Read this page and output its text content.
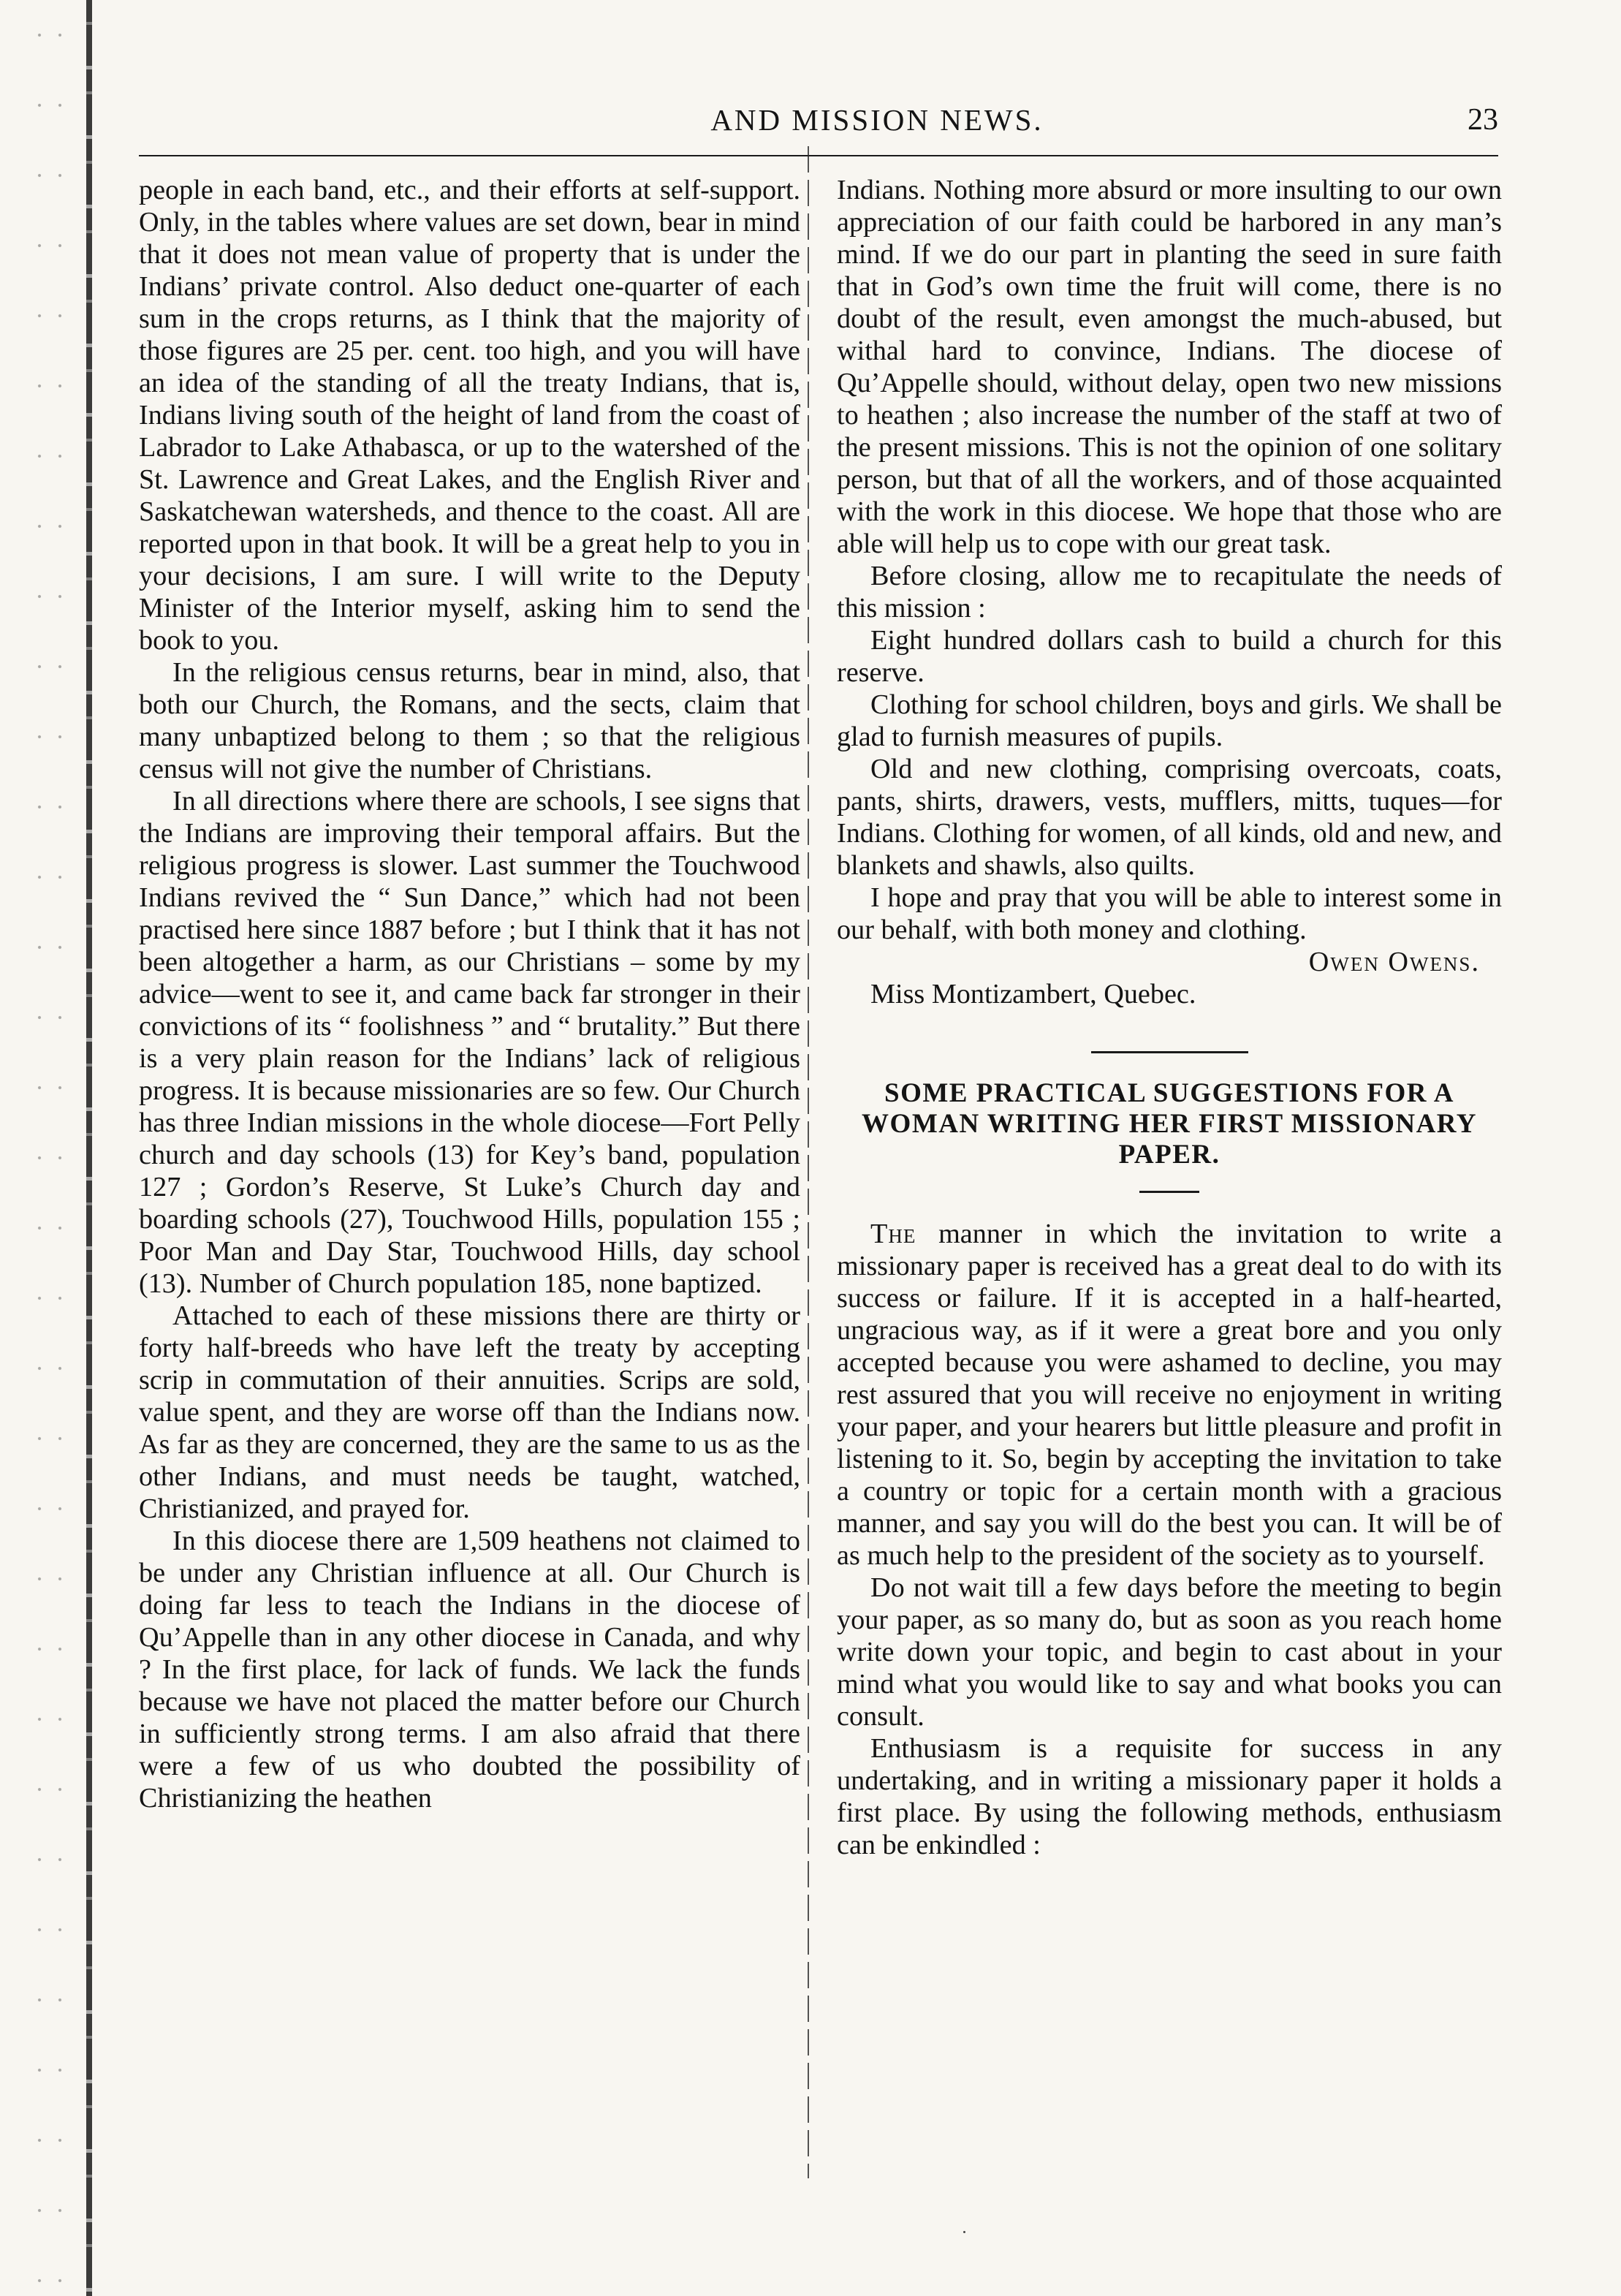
AND MISSION NEWS.	23

people in each band, etc., and their efforts at self-support. Only, in the tables where values are set down, bear in mind that it does not mean value of property that is under the Indians’ private control. Also deduct one-quarter of each sum in the crops returns, as I think that the majority of those figures are 25 per. cent. too high, and you will have an idea of the standing of all the treaty Indians, that is, Indians living south of the height of land from the coast of Labrador to Lake Athabasca, or up to the watershed of the St. Lawrence and Great Lakes, and the English River and Saskatchewan watersheds, and thence to the coast. All are reported upon in that book. It will be a great help to you in your decisions, I am sure. I will write to the Deputy Minister of the Interior myself, asking him to send the book to you.

In the religious census returns, bear in mind, also, that both our Church, the Romans, and the sects, claim that many unbaptized belong to them ; so that the religious census will not give the number of Christians.

In all directions where there are schools, I see signs that the Indians are improving their temporal affairs. But the religious progress is slower. Last summer the Touchwood Indians revived the “ Sun Dance,” which had not been practised here since 1887 before ; but I think that it has not been altogether a harm, as our Christians – some by my advice—went to see it, and came back far stronger in their convictions of its “ foolishness ” and “ brutality.” But there is a very plain reason for the Indians’ lack of religious progress. It is because missionaries are so few. Our Church has three Indian missions in the whole diocese—Fort Pelly church and day schools (13) for Key’s band, population 127 ; Gordon’s Reserve, St Luke’s Church day and boarding schools (27), Touchwood Hills, population 155 ; Poor Man and Day Star, Touchwood Hills, day school (13). Number of Church population 185, none baptized.

Attached to each of these missions there are thirty or forty half-breeds who have left the treaty by accepting scrip in commutation of their annuities. Scrips are sold, value spent, and they are worse off than the Indians now. As far as they are concerned, they are the same to us as the other Indians, and must needs be taught, watched, Christianized, and prayed for.

In this diocese there are 1,509 heathens not claimed to be under any Christian influence at all. Our Church is doing far less to teach the Indians in the diocese of Qu’Appelle than in any other diocese in Canada, and why ? In the first place, for lack of funds. We lack the funds because we have not placed the matter before our Church in sufficiently strong terms. I am also afraid that there were a few of us who doubted the possibility of Christianizing the heathen

Indians. Nothing more absurd or more insulting to our own appreciation of our faith could be harbored in any man’s mind. If we do our part in planting the seed in sure faith that in God’s own time the fruit will come, there is no doubt of the result, even amongst the much-abused, but withal hard to convince, Indians. The diocese of Qu’Appelle should, without delay, open two new missions to heathen ; also increase the number of the staff at two of the present missions. This is not the opinion of one solitary person, but that of all the workers, and of those acquainted with the work in this diocese. We hope that those who are able will help us to cope with our great task.

Before closing, allow me to recapitulate the needs of this mission :

Eight hundred dollars cash to build a church for this reserve.

Clothing for school children, boys and girls. We shall be glad to furnish measures of pupils.

Old and new clothing, comprising overcoats, coats, pants, shirts, drawers, vests, mufflers, mitts, tuques—for Indians. Clothing for women, of all kinds, old and new, and blankets and shawls, also quilts.

I hope and pray that you will be able to interest some in our behalf, with both money and clothing.

Owen Owens.

Miss Montizambert, Quebec.

SOME PRACTICAL SUGGESTIONS FOR A WOMAN WRITING HER FIRST MISSIONARY PAPER.

The manner in which the invitation to write a missionary paper is received has a great deal to do with its success or failure. If it is accepted in a half-hearted, ungracious way, as if it were a great bore and you only accepted because you were ashamed to decline, you may rest assured that you will receive no enjoyment in writing your paper, and your hearers but little pleasure and profit in listening to it. So, begin by accepting the invitation to take a country or topic for a certain month with a gracious manner, and say you will do the best you can. It will be of as much help to the president of the society as to yourself.

Do not wait till a few days before the meeting to begin your paper, as so many do, but as soon as you reach home write down your topic, and begin to cast about in your mind what you would like to say and what books you can consult.

Enthusiasm is a requisite for success in any undertaking, and in writing a missionary paper it holds a first place. By using the following methods, enthusiasm can be enkindled :
